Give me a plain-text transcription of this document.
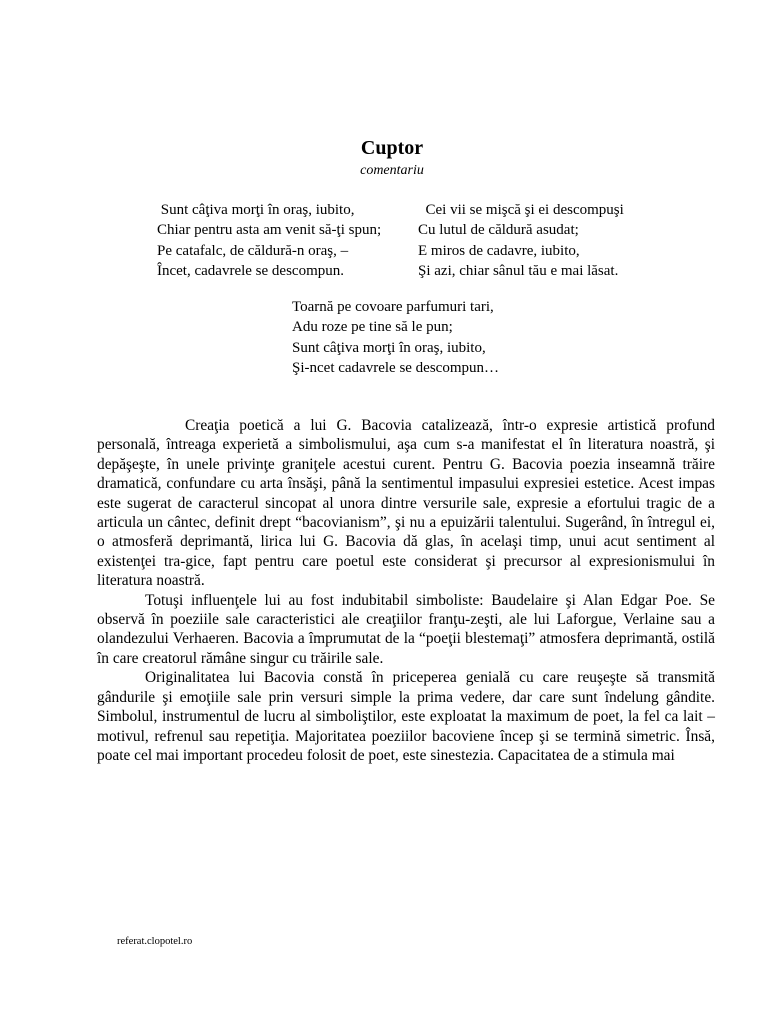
Cuptor
comentariu
Sunt câţiva morţi în oraş, iubito,
Chiar pentru asta am venit să-ţi spun;
Pe catafalc, de căldură-n oraş, –
Încet, cadavrele se descompun.
Cei vii se mişcă şi ei descompuşi
Cu lutul de căldură asudat;
E miros de cadavre, iubito,
Şi azi, chiar sânul tău e mai lăsat.
Toarnă pe covoare parfumuri tari,
Adu roze pe tine să le pun;
Sunt câţiva morţi în oraş, iubito,
Şi-ncet cadavrele se descompun…

Creaţia poetică a lui G. Bacovia catalizează, într-o expresie artistică profund personală, întreaga experietă a simbolismului, aşa cum s-a manifestat el în literatura noastră, şi depăşeşte, în unele privinţe graniţele acestui curent. Pentru G. Bacovia poezia inseamnă trăire dramatică, confundare cu arta însăşi, până la sentimentul impasului expresiei estetice. Acest impas este sugerat de caracterul sincopat al unora dintre versurile sale, expresie a efortului tragic de a articula un cântec, definit drept “bacovianism”, şi nu a epuizării talentului. Sugerând, în întregul ei, o atmosferă deprimantă, lirica lui G. Bacovia dă glas, în acelaşi timp, unui acut sentiment al existenţei tra-gice, fapt pentru care poetul este considerat şi precursor al expresionismului în literatura noastră.

Totuşi influenţele lui au fost indubitabil simboliste: Baudelaire şi Alan Edgar Poe. Se observă în poeziile sale caracteristici ale creaţiilor franţu-zeşti, ale lui Laforgue, Verlaine sau a olandezului Verhaeren. Bacovia a împrumutat de la “poeţii blestemaţi” atmosfera deprimantă, ostilă în care creatorul rămâne singur cu trăirile sale.

Originalitatea lui Bacovia constă în priceperea genială cu care reuşeşte să transmită gândurile şi emoţiile sale prin versuri simple la prima vedere, dar care sunt îndelung gândite. Simbolul, instrumentul de lucru al simboliştilor, este exploatat la maximum de poet, la fel ca lait – motivul, refrenul sau repetiţia. Majoritatea poeziilor bacoviene încep şi se termină simetric. Însă, poate cel mai important procedeu folosit de poet, este sinestezia. Capacitatea de a stimula mai

referat.clopotel.ro
